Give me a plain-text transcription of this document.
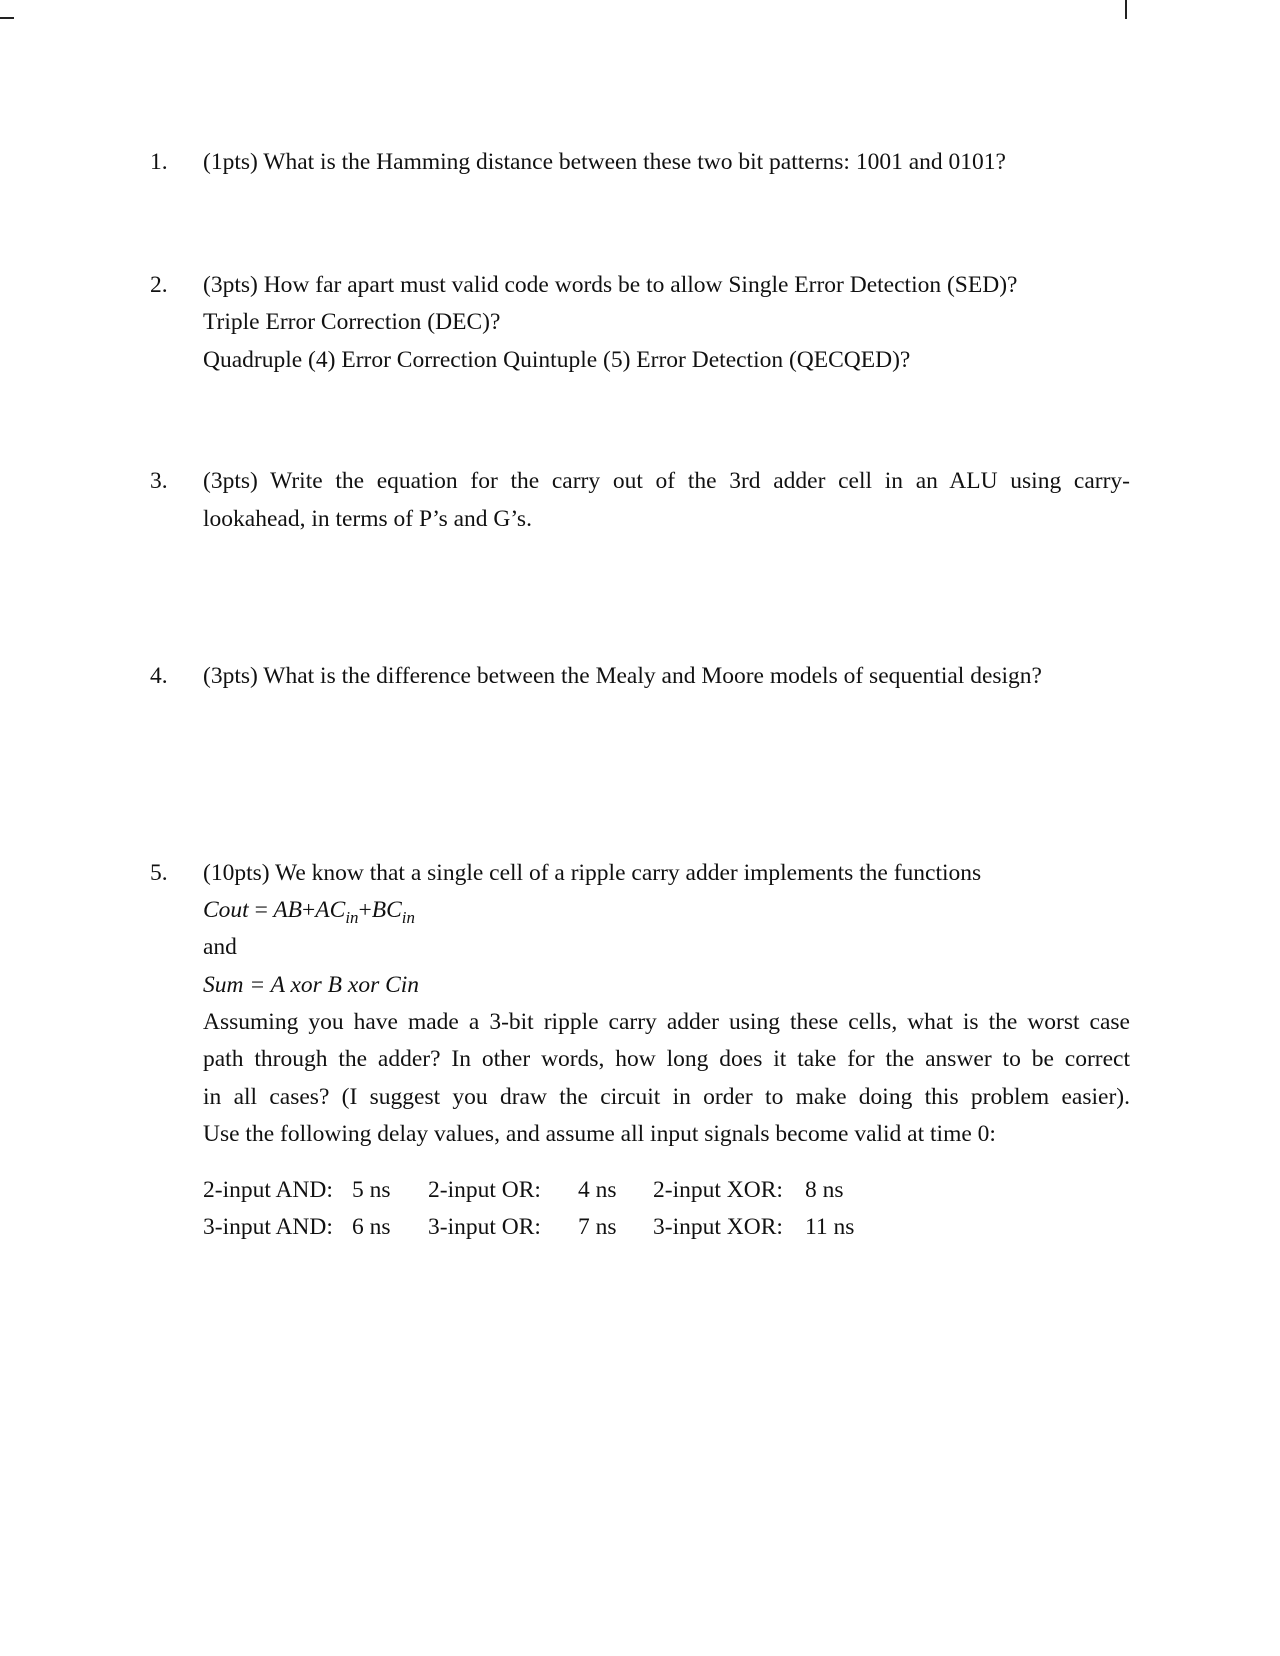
1. (1pts) What is the Hamming distance between these two bit patterns: 1001 and 0101?
2. (3pts) How far apart must valid code words be to allow Single Error Detection (SED)?
Triple Error Correction (DEC)?
Quadruple (4) Error Correction Quintuple (5) Error Detection (QECQED)?
3. (3pts) Write the equation for the carry out of the 3rd adder cell in an ALU using carry-
lookahead, in terms of P’s and G’s.
4. (3pts) What is the difference between the Mealy and Moore models of sequential design?
5. (10pts) We know that a single cell of a ripple carry adder implements the functions
Cout = $AB+AC_{in}+BC_{in}$
and
Sum = A xor B xor Cin
Assuming you have made a 3-bit ripple carry adder using these cells, what is the worst case
path through the adder? In other words, how long does it take for the answer to be correct
in all cases? (I suggest you draw the circuit in order to make doing this problem easier).
Use the following delay values, and assume all input signals become valid at time 0:
2-input AND: 5 ns 2-input OR: 4 ns 2-input XOR: 8 ns
3-input AND: 6 ns 3-input OR: 7 ns 3-input XOR: 11 ns
